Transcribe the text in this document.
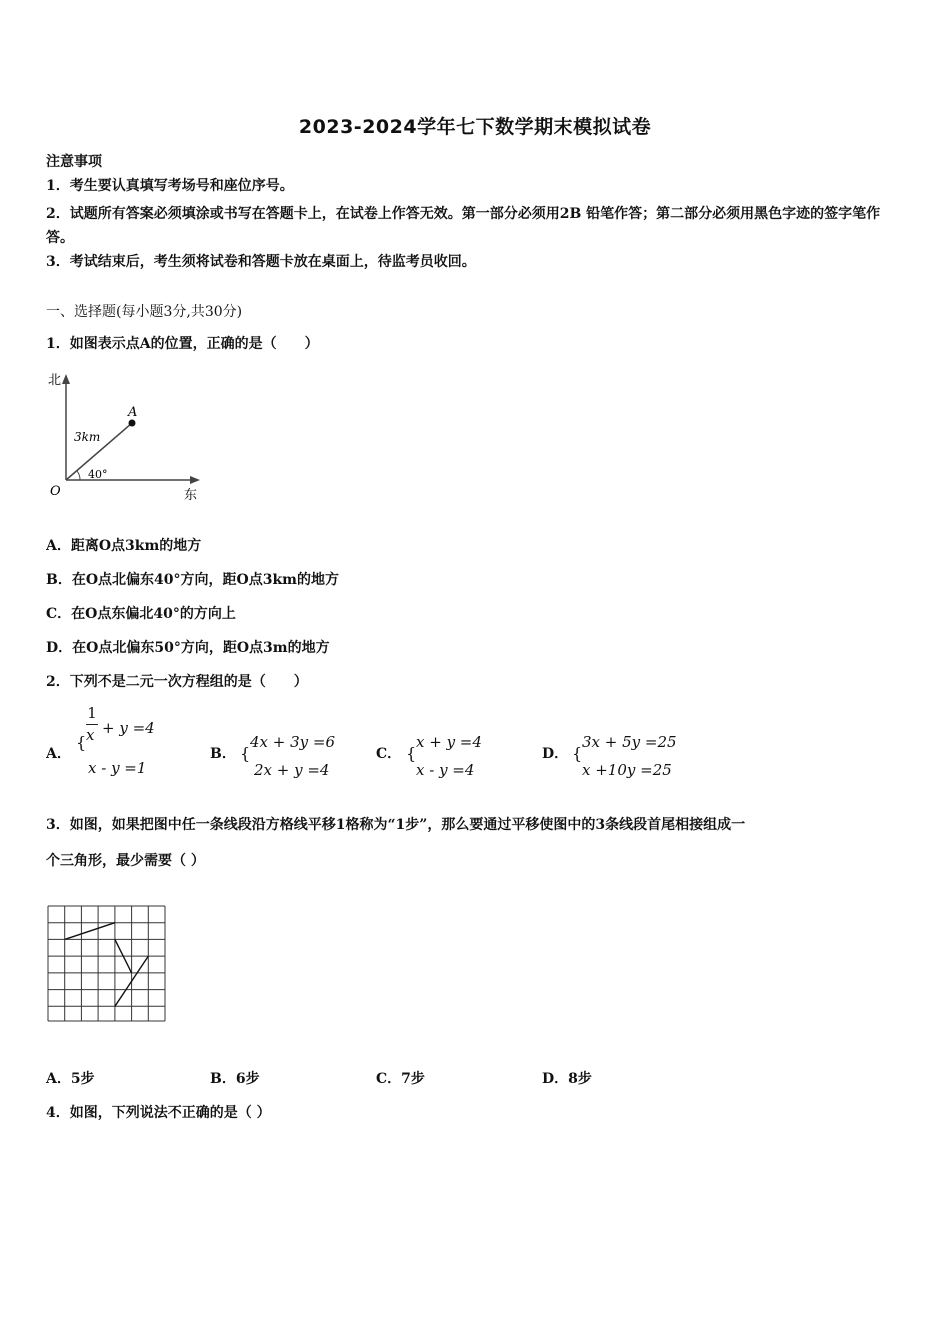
2023-2024学年七下数学期末模拟试卷
注意事项
1．考生要认真填写考场号和座位序号。
2．试题所有答案必须填涂或书写在答题卡上，在试卷上作答无效。第一部分必须用2B 铅笔作答；第二部分必须用黑色字迹的签字笔作答。
3．考试结束后，考生须将试卷和答题卡放在桌面上，待监考员收回。
一、选择题(每小题3分,共30分)
1．如图表示点A的位置，正确的是（　　）
北
东
O
A
3km
40°
A．距离O点3km的地方
B．在O点北偏东40°方向，距O点3km的地方
C．在O点东偏北40°的方向上
D．在O点北偏东50°方向，距O点3m的地方
2．下列不是二元一次方程组的是（　　）
A．
{
1
x + y =4
x - y =1
B． {
4x + 3y =6
2x + y =4
C． {
x + y =4
x - y =4
D． {
3x + 5y =25
x +10y =25
3．如图，如果把图中任一条线段沿方格线平移1格称为“1步”，那么要通过平移使图中的3条线段首尾相接组成一
个三角形，最少需要（ ）
A．5步	B．6步	C．7步	D．8步
4．如图，下列说法不正确的是（ ）
